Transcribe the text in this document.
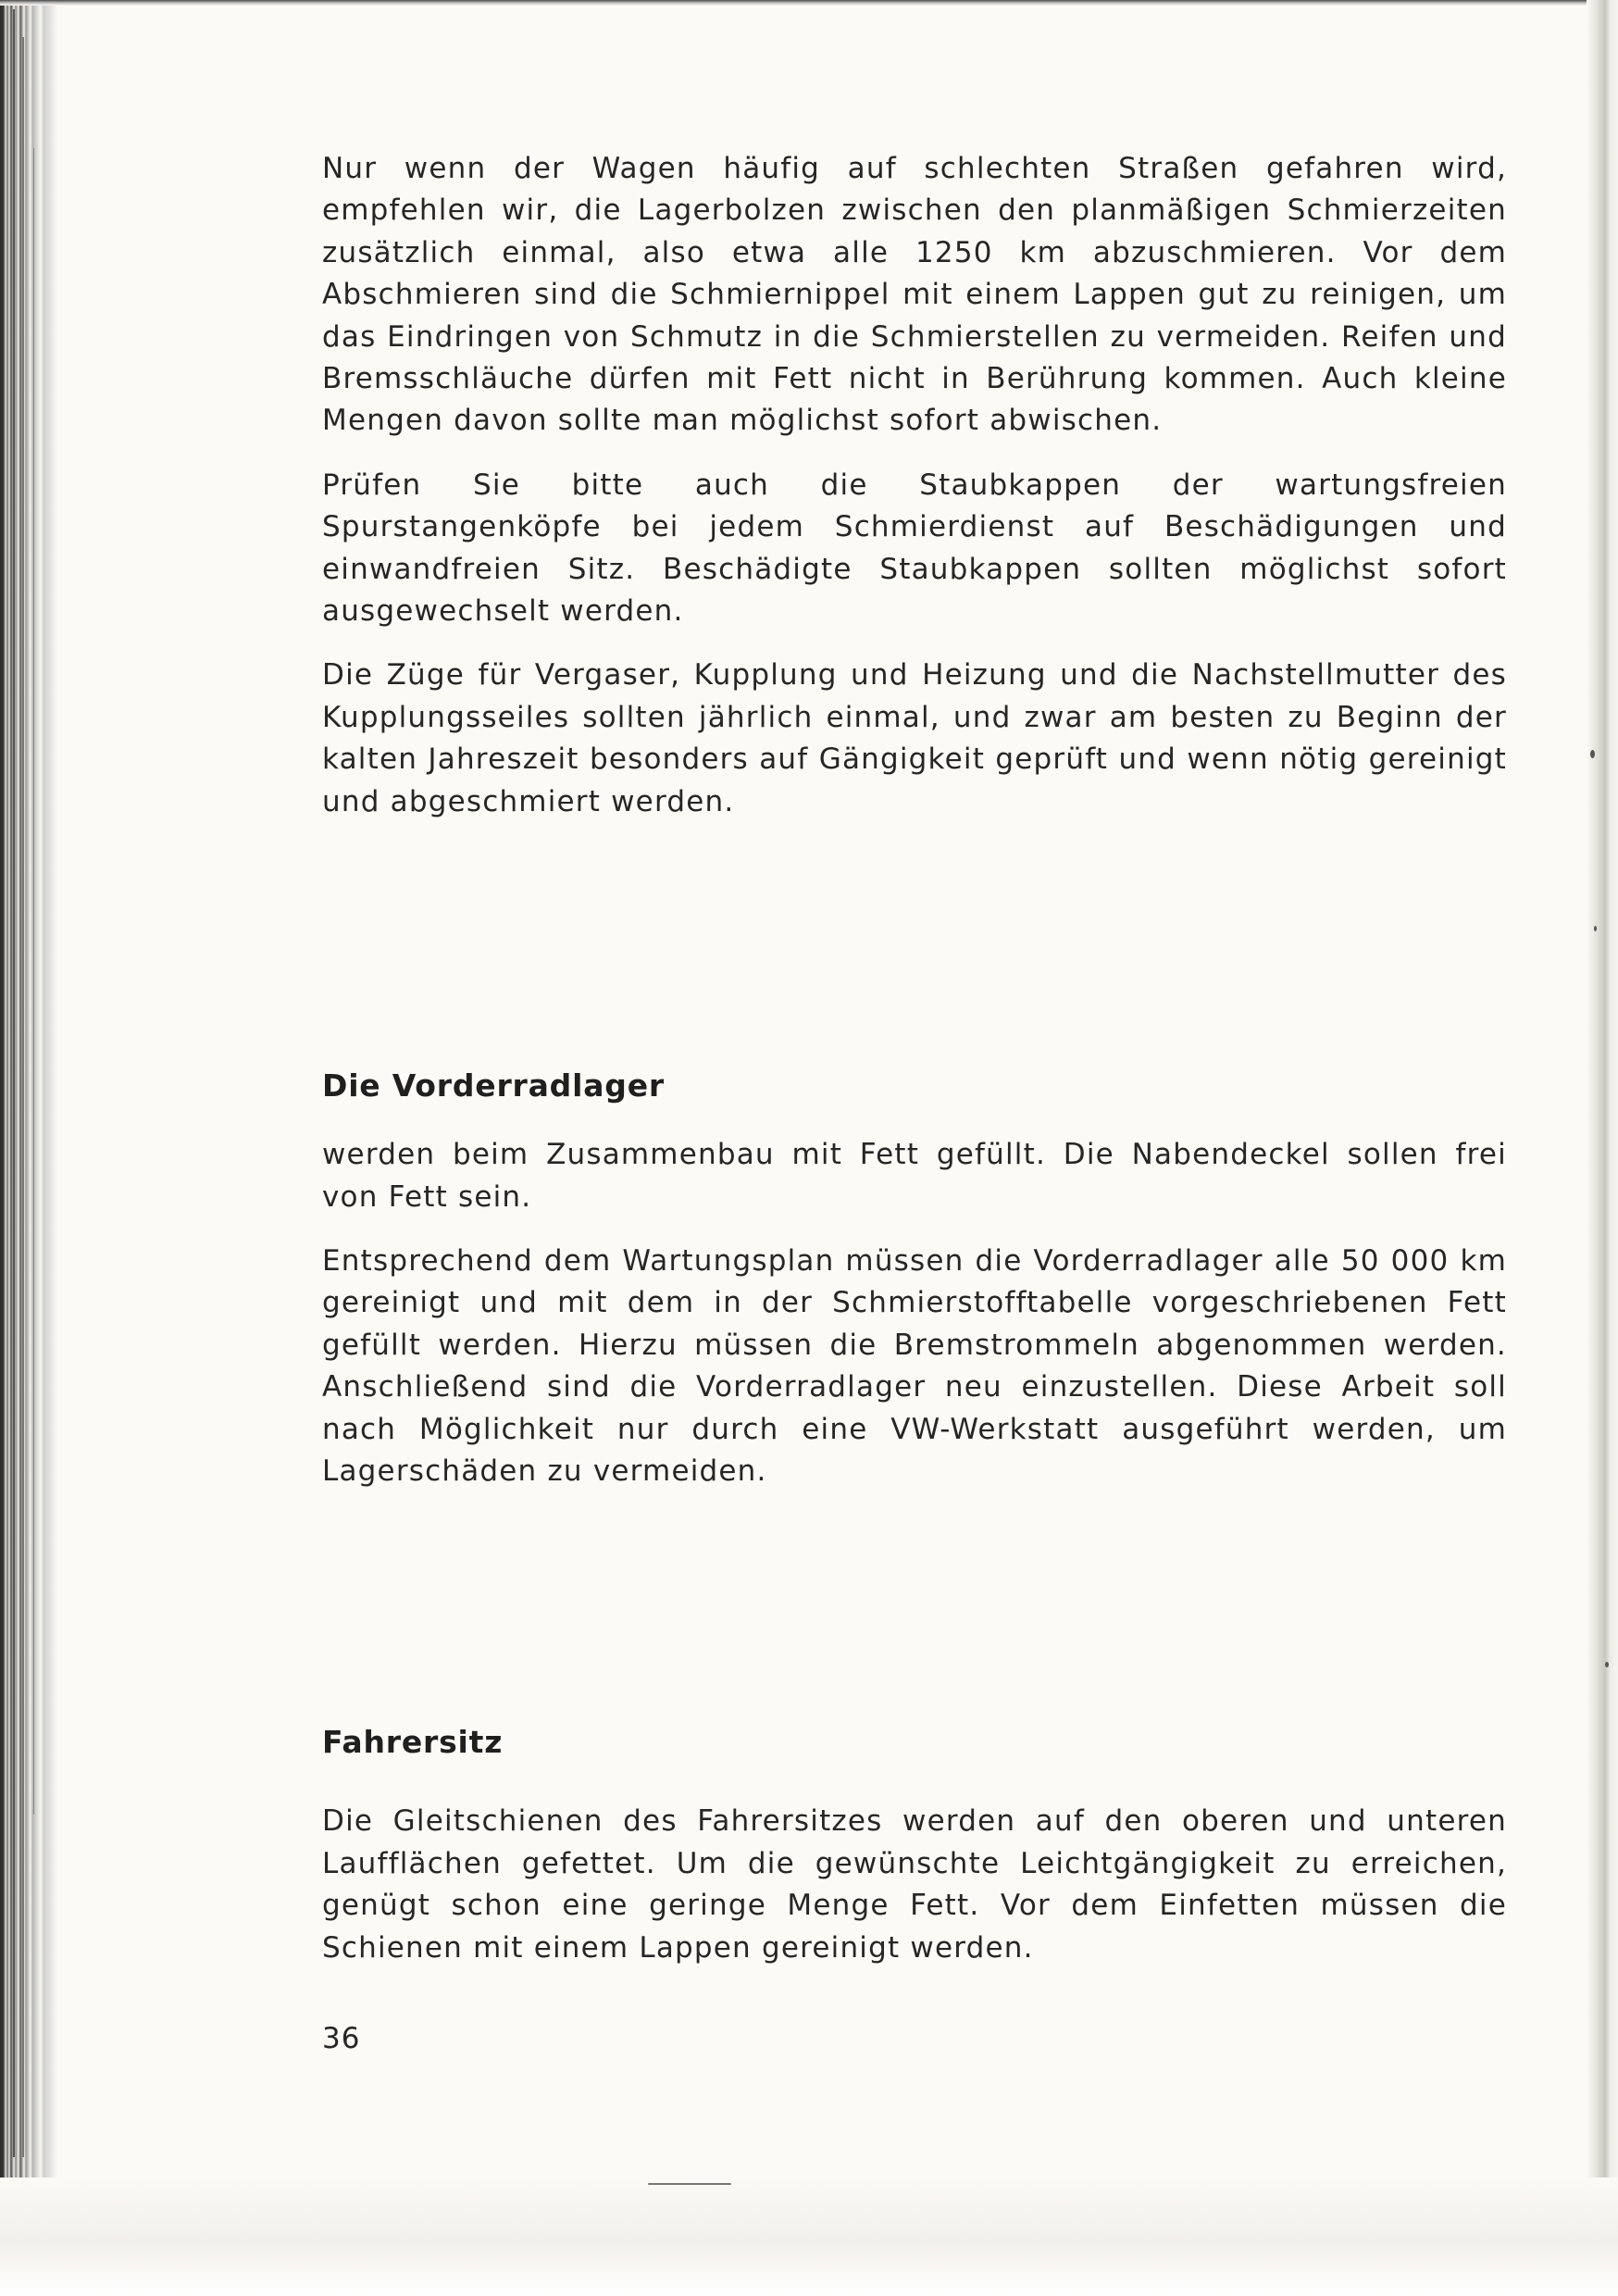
Nur wenn der Wagen häufig auf schlechten Straßen gefahren wird, empfehlen wir, die Lagerbolzen zwischen den planmäßigen Schmierzeiten zusätzlich einmal, also etwa alle 1250 km abzuschmieren. Vor dem Abschmieren sind die Schmiernippel mit einem Lappen gut zu reinigen, um das Eindringen von Schmutz in die Schmierstellen zu vermeiden. Reifen und Bremsschläuche dürfen mit Fett nicht in Berührung kommen. Auch kleine Mengen davon sollte man möglichst sofort abwischen.

Prüfen Sie bitte auch die Staubkappen der wartungsfreien Spurstangenköpfe bei jedem Schmierdienst auf Beschädigungen und einwandfreien Sitz. Beschädigte Staubkappen sollten möglichst sofort ausgewechselt werden.

Die Züge für Vergaser, Kupplung und Heizung und die Nachstellmutter des Kupplungsseiles sollten jährlich einmal, und zwar am besten zu Beginn der kalten Jahreszeit besonders auf Gängigkeit geprüft und wenn nötig gereinigt und abgeschmiert werden.

Die Vorderradlager

werden beim Zusammenbau mit Fett gefüllt. Die Nabendeckel sollen frei von Fett sein.

Entsprechend dem Wartungsplan müssen die Vorderradlager alle 50 000 km gereinigt und mit dem in der Schmierstofftabelle vorgeschriebenen Fett gefüllt werden. Hierzu müssen die Bremstrommeln abgenommen werden. Anschließend sind die Vorderradlager neu einzustellen. Diese Arbeit soll nach Möglichkeit nur durch eine VW-Werkstatt ausgeführt werden, um Lagerschäden zu vermeiden.

Fahrersitz

Die Gleitschienen des Fahrersitzes werden auf den oberen und unteren Laufflächen gefettet. Um die gewünschte Leichtgängigkeit zu erreichen, genügt schon eine geringe Menge Fett. Vor dem Einfetten müssen die Schienen mit einem Lappen gereinigt werden.

36
